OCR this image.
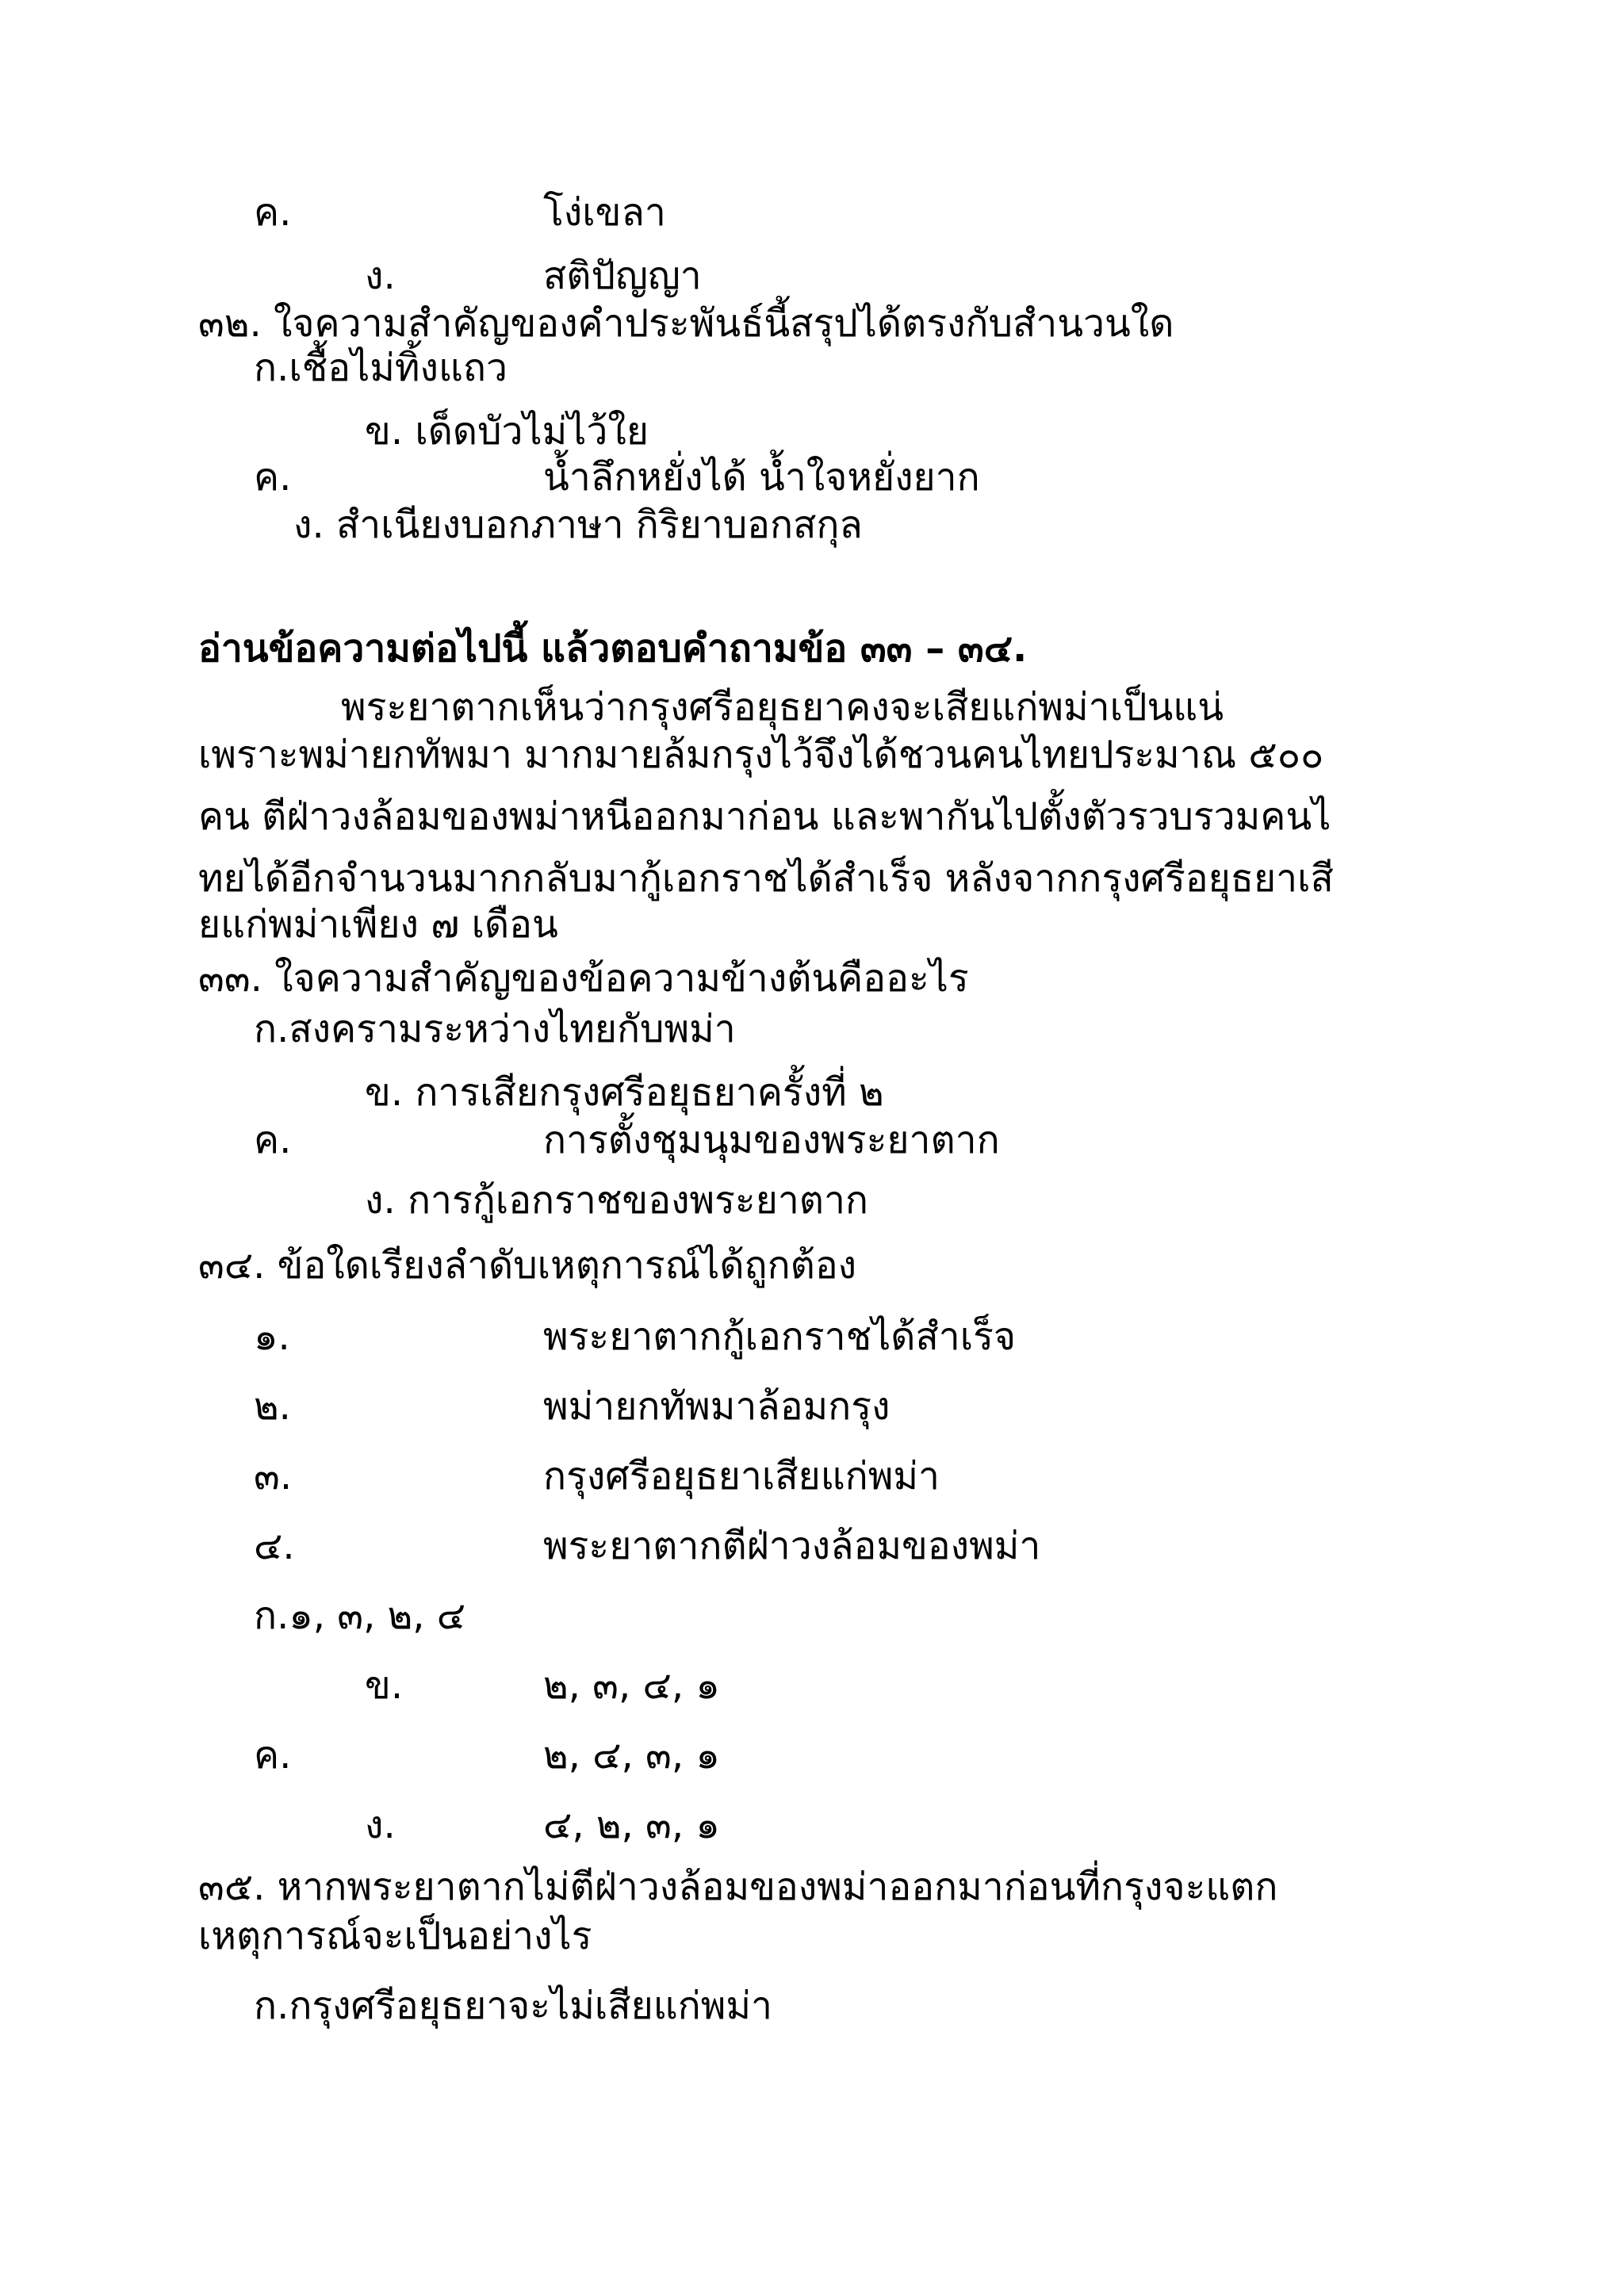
ค.	โง่เขลา
ง.	สติปัญญา

๓๒. ใจความสำคัญของคำประพันธ์นี้สรุปได้ตรงกับสำนวนใด

ก.เชื้อไม่ทิ้งแถว

ข. เด็ดบัวไม่ไว้ใย

ค.	น้ำลึกหยั่งได้ น้ำใจหยั่งยาก

ง. สำเนียงบอกภาษา กิริยาบอกสกุล

อ่านข้อความต่อไปนี้ แล้วตอบคำถามข้อ ๓๓ – ๓๔.

พระยาตากเห็นว่ากรุงศรีอยุธยาคงจะเสียแก่พม่าเป็นแน่

เพราะพม่ายกทัพมา มากมายล้มกรุงไว้จึงได้ชวนคนไทยประมาณ ๕๐๐

คน ตีฝ่าวงล้อมของพม่าหนีออกมาก่อน และพากันไปตั้งตัวรวบรวมคนไ

ทยได้อีกจำนวนมากกลับมากู้เอกราชได้สำเร็จ หลังจากกรุงศรีอยุธยาเสี

ยแก่พม่าเพียง ๗ เดือน

๓๓. ใจความสำคัญของข้อความข้างต้นคืออะไร

ก.สงครามระหว่างไทยกับพม่า

ข. การเสียกรุงศรีอยุธยาครั้งที่ ๒

ค.	การตั้งชุมนุมของพระยาตาก

ง. การกู้เอกราชของพระยาตาก

๓๔. ข้อใดเรียงลำดับเหตุการณ์ได้ถูกต้อง

๑.	พระยาตากกู้เอกราชได้สำเร็จ
๒.	พม่ายกทัพมาล้อมกรุง
๓.	กรุงศรีอยุธยาเสียแก่พม่า
๔.	พระยาตากตีฝ่าวงล้อมของพม่า

ก.๑, ๓, ๒, ๔

ข.	๒, ๓, ๔, ๑
ค.	๒, ๔, ๓, ๑
ง.	๔, ๒, ๓, ๑

๓๕. หากพระยาตากไม่ตีฝ่าวงล้อมของพม่าออกมาก่อนที่กรุงจะแตก

เหตุการณ์จะเป็นอย่างไร

ก.กรุงศรีอยุธยาจะไม่เสียแก่พม่า
